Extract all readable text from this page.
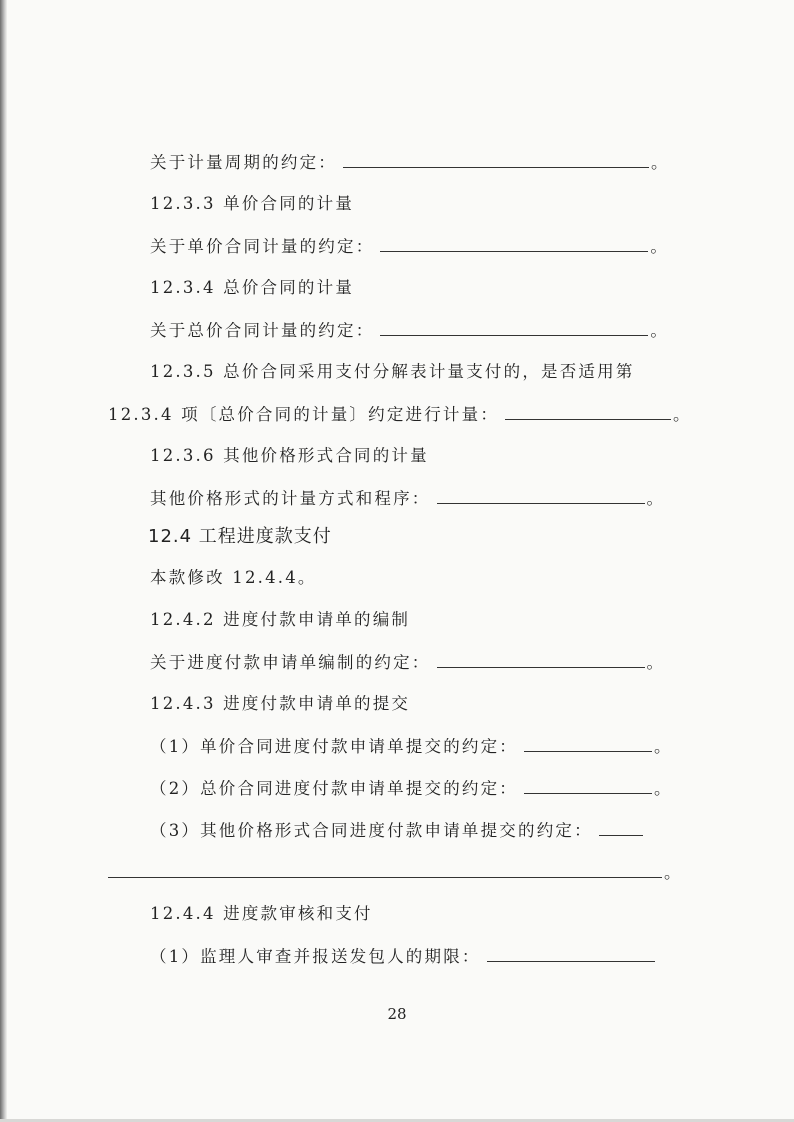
关于计量周期的约定：	。
12.3.3 单价合同的计量
关于单价合同计量的约定：	。
12.3.4 总价合同的计量
关于总价合同计量的约定：	。
12.3.5 总价合同采用支付分解表计量支付的，是否适用第
12.3.4 项〔总价合同的计量〕约定进行计量：	。
12.3.6 其他价格形式合同的计量
其他价格形式的计量方式和程序：	。
12.4 工程进度款支付
本款修改 12.4.4。
12.4.2 进度付款申请单的编制
关于进度付款申请单编制的约定：	。
12.4.3 进度付款申请单的提交
（1）单价合同进度付款申请单提交的约定：	。
（2）总价合同进度付款申请单提交的约定：	。
（3）其他价格形式合同进度付款申请单提交的约定：
。
12.4.4 进度款审核和支付
（1）监理人审查并报送发包人的期限：
28
